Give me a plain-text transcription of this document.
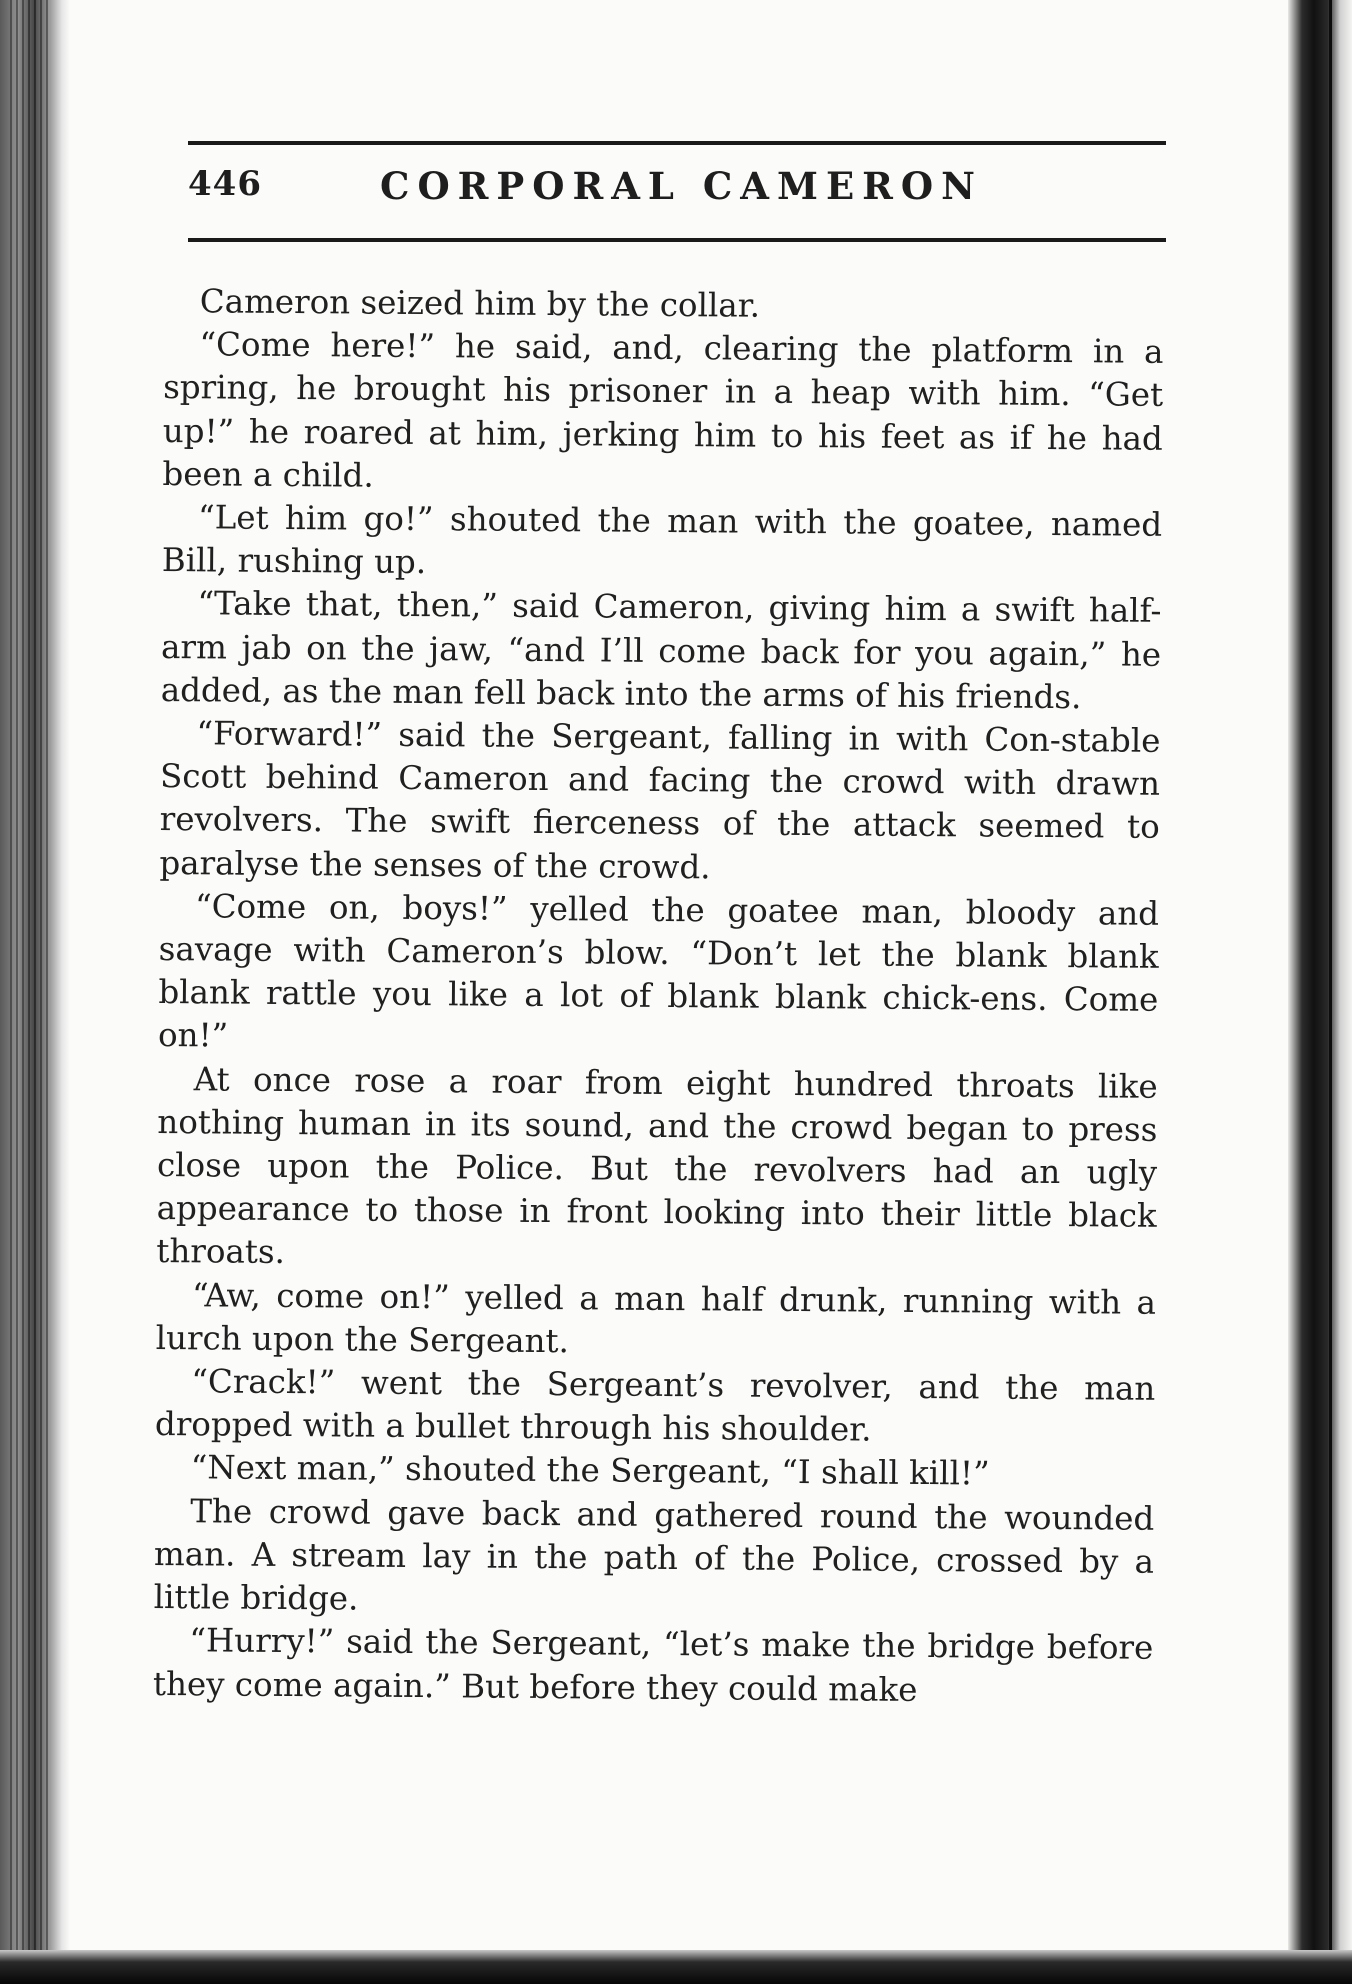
446	CORPORAL CAMERON

Cameron seized him by the collar.

“Come here!” he said, and, clearing the platform in a spring, he brought his prisoner in a heap with him. “Get up!” he roared at him, jerking him to his feet as if he had been a child.

“Let him go!” shouted the man with the goatee, named Bill, rushing up.

“Take that, then,” said Cameron, giving him a swift half-arm jab on the jaw, “and I’ll come back for you again,” he added, as the man fell back into the arms of his friends.

“Forward!” said the Sergeant, falling in with Con-stable Scott behind Cameron and facing the crowd with drawn revolvers. The swift fierceness of the attack seemed to paralyse the senses of the crowd.

“Come on, boys!” yelled the goatee man, bloody and savage with Cameron’s blow. “Don’t let the blank blank blank rattle you like a lot of blank blank chick-ens. Come on!”

At once rose a roar from eight hundred throats like nothing human in its sound, and the crowd began to press close upon the Police. But the revolvers had an ugly appearance to those in front looking into their little black throats.

“Aw, come on!” yelled a man half drunk, running with a lurch upon the Sergeant.

“Crack!” went the Sergeant’s revolver, and the man dropped with a bullet through his shoulder.

“Next man,” shouted the Sergeant, “I shall kill!”

The crowd gave back and gathered round the wounded man. A stream lay in the path of the Police, crossed by a little bridge.

“Hurry!” said the Sergeant, “let’s make the bridge before they come again.” But before they could make
